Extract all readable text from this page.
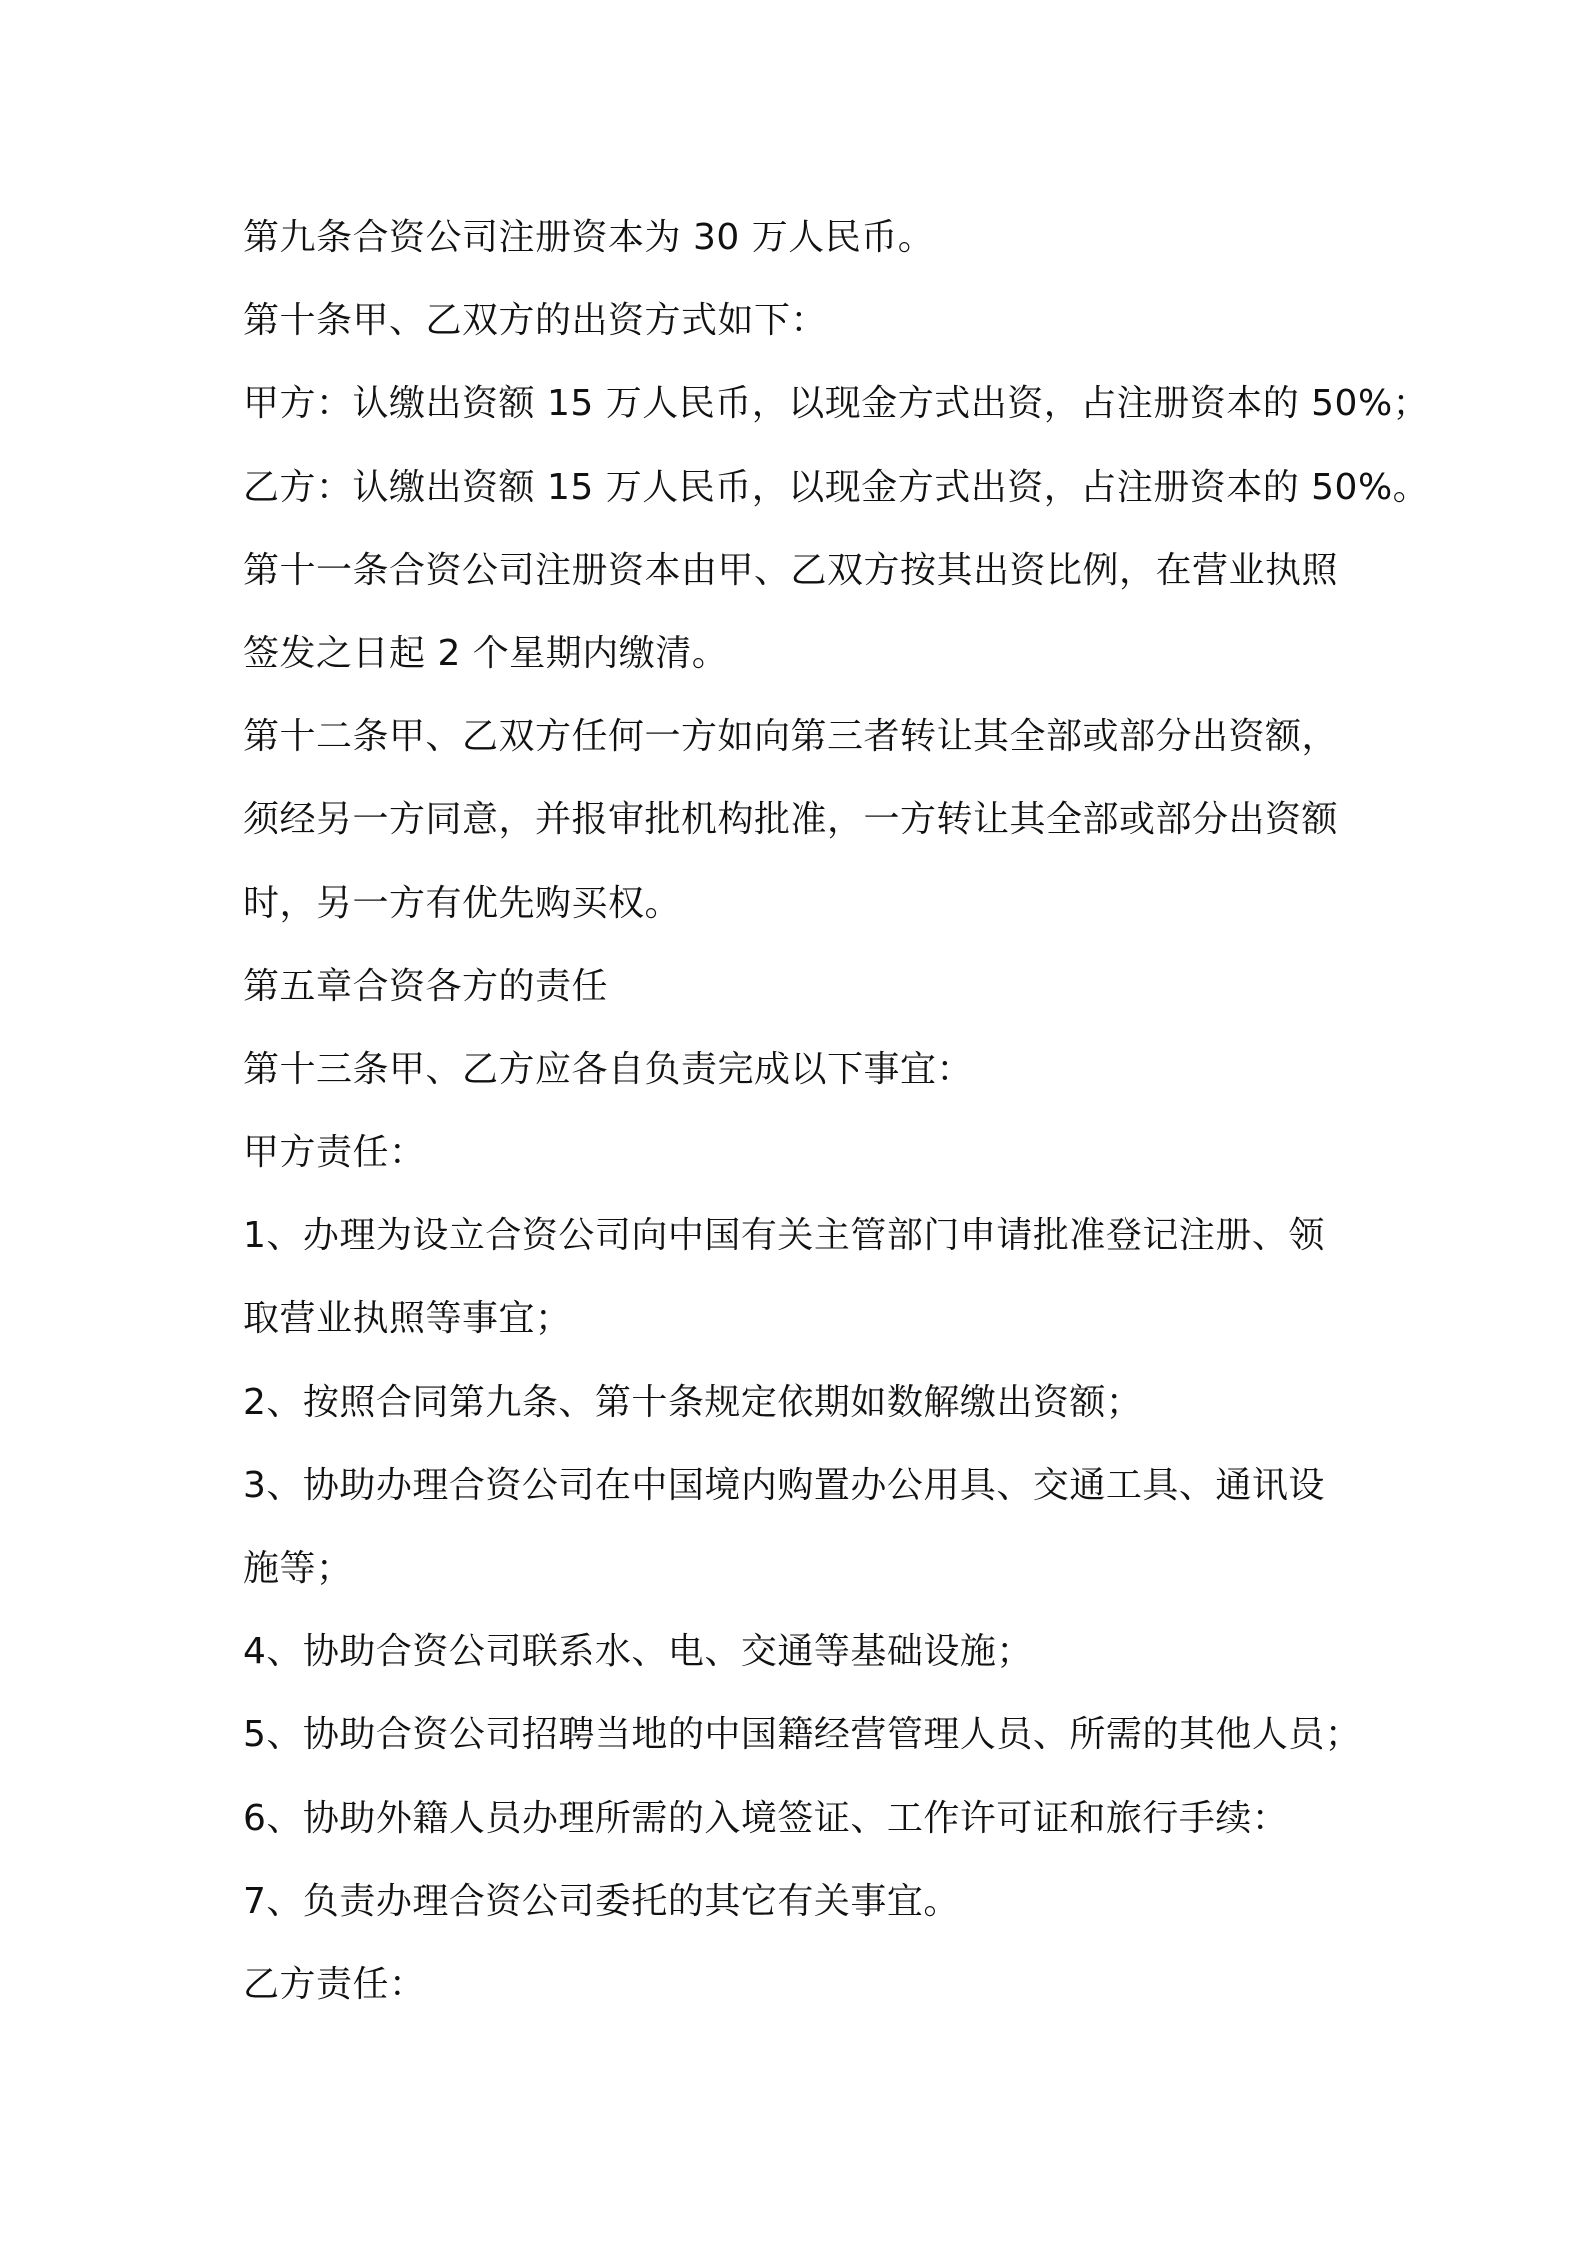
第九条合资公司注册资本为 30 万人民币。
第十条甲、乙双方的出资方式如下：
甲方：认缴出资额 15 万人民币，以现金方式出资，占注册资本的 50%；
乙方：认缴出资额 15 万人民币，以现金方式出资，占注册资本的 50%。
第十一条合资公司注册资本由甲、乙双方按其出资比例，在营业执照
签发之日起 2 个星期内缴清。
第十二条甲、乙双方任何一方如向第三者转让其全部或部分出资额，
须经另一方同意，并报审批机构批准，一方转让其全部或部分出资额
时，另一方有优先购买权。
第五章合资各方的责任
第十三条甲、乙方应各自负责完成以下事宜：
甲方责任：
1、办理为设立合资公司向中国有关主管部门申请批准登记注册、领
取营业执照等事宜；
2、按照合同第九条、第十条规定依期如数解缴出资额；
3、协助办理合资公司在中国境内购置办公用具、交通工具、通讯设
施等；
4、协助合资公司联系水、电、交通等基础设施；
5、协助合资公司招聘当地的中国籍经营管理人员、所需的其他人员；
6、协助外籍人员办理所需的入境签证、工作许可证和旅行手续：
7、负责办理合资公司委托的其它有关事宜。
乙方责任：
